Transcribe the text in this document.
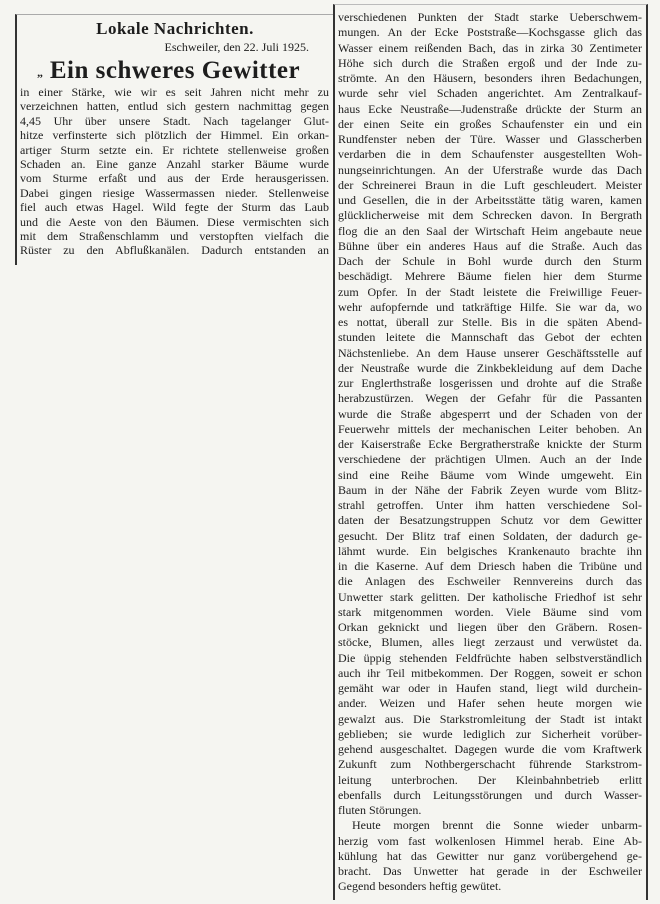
Lokale Nachrichten.
Eschweiler, den 22. Juli 1925.
„ Ein schweres Gewitter
in einer Stärke, wie wir es seit Jahren nicht mehr zu
verzeichnen hatten, entlud sich gestern nachmittag gegen
4,45 Uhr über unsere Stadt. Nach tagelanger Glut-
hitze verfinsterte sich plötzlich der Himmel. Ein orkan-
artiger Sturm setzte ein. Er richtete stellenweise großen
Schaden an. Eine ganze Anzahl starker Bäume wurde
vom Sturme erfaßt und aus der Erde herausgerissen.
Dabei gingen riesige Wassermassen nieder. Stellenweise
fiel auch etwas Hagel. Wild fegte der Sturm das Laub
und die Aeste von den Bäumen. Diese vermischten sich
mit dem Straßenschlamm und verstopften vielfach die
Rüster zu den Abflußkanälen. Dadurch entstanden an
verschiedenen Punkten der Stadt starke Ueberschwem-
mungen. An der Ecke Poststraße—Kochsgasse glich das
Wasser einem reißenden Bach, das in zirka 30 Zentimeter
Höhe sich durch die Straßen ergoß und der Inde zu-
strömte. An den Häusern, besonders ihren Bedachungen,
wurde sehr viel Schaden angerichtet. Am Zentralkauf-
haus Ecke Neustraße—Judenstraße drückte der Sturm an
der einen Seite ein großes Schaufenster ein und ein
Rundfenster neben der Türe. Wasser und Glasscherben
verdarben die in dem Schaufenster ausgestellten Woh-
nungseinrichtungen. An der Uferstraße wurde das Dach
der Schreinerei Braun in die Luft geschleudert. Meister
und Gesellen, die in der Arbeitsstätte tätig waren, kamen
glücklicherweise mit dem Schrecken davon. In Bergrath
flog die an den Saal der Wirtschaft Heim angebaute neue
Bühne über ein anderes Haus auf die Straße. Auch das
Dach der Schule in Bohl wurde durch den Sturm
beschädigt. Mehrere Bäume fielen hier dem Sturme
zum Opfer. In der Stadt leistete die Freiwillige Feuer-
wehr aufopfernde und tatkräftige Hilfe. Sie war da, wo
es nottat, überall zur Stelle. Bis in die späten Abend-
stunden leitete die Mannschaft das Gebot der echten
Nächstenliebe. An dem Hause unserer Geschäftsstelle auf
der Neustraße wurde die Zinkbekleidung auf dem Dache
zur Englerthstraße losgerissen und drohte auf die Straße
herabzustürzen. Wegen der Gefahr für die Passanten
wurde die Straße abgesperrt und der Schaden von der
Feuerwehr mittels der mechanischen Leiter behoben. An
der Kaiserstraße Ecke Bergratherstraße knickte der Sturm
verschiedene der prächtigen Ulmen. Auch an der Inde
sind eine Reihe Bäume vom Winde umgeweht. Ein
Baum in der Nähe der Fabrik Zeyen wurde vom Blitz-
strahl getroffen. Unter ihm hatten verschiedene Sol-
daten der Besatzungstruppen Schutz vor dem Gewitter
gesucht. Der Blitz traf einen Soldaten, der dadurch ge-
lähmt wurde. Ein belgisches Krankenauto brachte ihn
in die Kaserne. Auf dem Driesch haben die Tribüne und
die Anlagen des Eschweiler Rennvereins durch das
Unwetter stark gelitten. Der katholische Friedhof ist sehr
stark mitgenommen worden. Viele Bäume sind vom
Orkan geknickt und liegen über den Gräbern. Rosen-
stöcke, Blumen, alles liegt zerzaust und verwüstet da.
Die üppig stehenden Feldfrüchte haben selbstverständlich
auch ihr Teil mitbekommen. Der Roggen, soweit er schon
gemäht war oder in Haufen stand, liegt wild durchein-
ander. Weizen und Hafer sehen heute morgen wie
gewalzt aus. Die Starkstromleitung der Stadt ist intakt
geblieben; sie wurde lediglich zur Sicherheit vorüber-
gehend ausgeschaltet. Dagegen wurde die vom Kraftwerk
Zukunft zum Nothbergerschacht führende Starkstrom-
leitung unterbrochen. Der Kleinbahnbetrieb erlitt
ebenfalls durch Leitungsstörungen und durch Wasser-
fluten Störungen.
Heute morgen brennt die Sonne wieder unbarm-
herzig vom fast wolkenlosen Himmel herab. Eine Ab-
kühlung hat das Gewitter nur ganz vorübergehend ge-
bracht. Das Unwetter hat gerade in der Eschweiler
Gegend besonders heftig gewütet.
